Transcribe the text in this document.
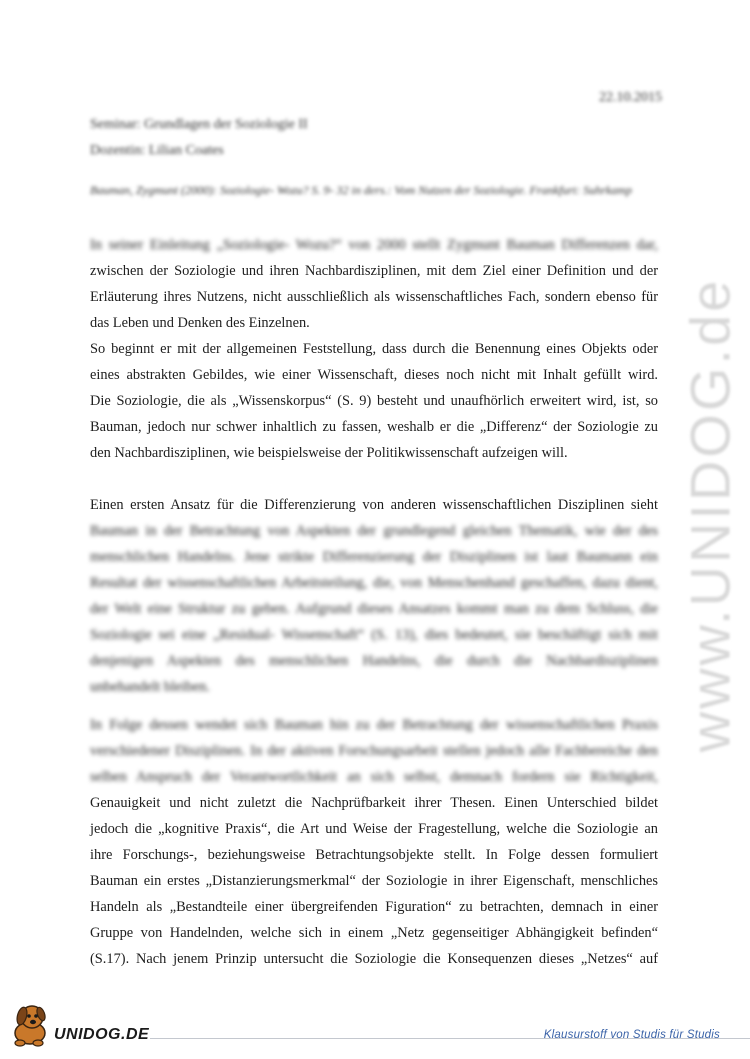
22.10.2015
Seminar: Grundlagen der Soziologie II
Dozentin: Lilian Coates
Bauman, Zygmunt (2000): Soziologie- Wozu? S. 9- 32 in ders.: Vom Nutzen der Soziologie. Frankfurt: Suhrkamp
In seiner Einleitung „Soziologie- Wozu?“ von 2000 stellt Zygmunt Bauman Differenzen dar,
zwischen der Soziologie und ihren Nachbardisziplinen, mit dem Ziel einer Definition und der
Erläuterung ihres Nutzens, nicht ausschließlich als wissenschaftliches Fach, sondern ebenso für
das Leben und Denken des Einzelnen.
So beginnt er mit der allgemeinen Feststellung, dass durch die Benennung eines Objekts oder
eines abstrakten Gebildes, wie einer Wissenschaft, dieses noch nicht mit Inhalt gefüllt wird.
Die Soziologie, die als „Wissenskorpus“ (S. 9) besteht und unaufhörlich erweitert wird, ist, so
Bauman, jedoch nur schwer inhaltlich zu fassen, weshalb er die „Differenz“ der Soziologie zu
den Nachbardisziplinen, wie beispielsweise der Politikwissenschaft aufzeigen will.
Einen ersten Ansatz für die Differenzierung von anderen wissenschaftlichen Disziplinen sieht
Bauman in der Betrachtung von Aspekten der grundlegend gleichen Thematik, wie der des
menschlichen Handelns. Jene strikte Differenzierung der Disziplinen ist laut Baumann ein
Resultat der wissenschaftlichen Arbeitsteilung, die, von Menschenhand geschaffen, dazu dient,
der Welt eine Struktur zu geben. Aufgrund dieses Ansatzes kommt man zu dem Schluss, die
Soziologie sei eine „Residual- Wissenschaft“ (S. 13), dies bedeutet, sie beschäftigt sich mit
denjenigen Aspekten des menschlichen Handelns, die durch die Nachbardisziplinen
unbehandelt bleiben.
In Folge dessen wendet sich Bauman hin zu der Betrachtung der wissenschaftlichen Praxis
verschiedener Disziplinen. In der aktiven Forschungsarbeit stellen jedoch alle Fachbereiche den
selben Anspruch der Verantwortlichkeit an sich selbst, demnach fordern sie Richtigkeit,
Genauigkeit und nicht zuletzt die Nachprüfbarkeit ihrer Thesen. Einen Unterschied bildet
jedoch die „kognitive Praxis“, die Art und Weise der Fragestellung, welche die Soziologie an
ihre Forschungs-, beziehungsweise Betrachtungsobjekte stellt. In Folge dessen formuliert
Bauman ein erstes „Distanzierungsmerkmal“ der Soziologie in ihrer Eigenschaft, menschliches
Handeln als „Bestandteile einer übergreifenden Figuration“ zu betrachten, demnach in einer
Gruppe von Handelnden, welche sich in einem „Netz gegenseitiger Abhängigkeit befinden“
(S.17). Nach jenem Prinzip untersucht die Soziologie die Konsequenzen dieses „Netzes“ auf
www.UNIDOG.de
UNIDOG.DE	Klausurstoff von Studis für Studis
